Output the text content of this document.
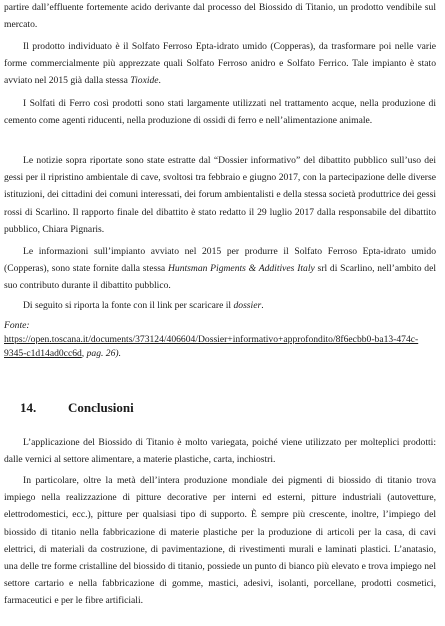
partire dall’effluente fortemente acido derivante dal processo del Biossido di Titanio, un prodotto vendibile sul mercato.

Il prodotto individuato è il Solfato Ferroso Epta-idrato umido (Copperas), da trasformare poi nelle varie forme commercialmente più apprezzate quali Solfato Ferroso anidro e Solfato Ferrico. Tale impianto è stato avviato nel 2015 già dalla stessa Tioxide.

I Solfati di Ferro così prodotti sono stati largamente utilizzati nel trattamento acque, nella produzione di cemento come agenti riducenti, nella produzione di ossidi di ferro e nell’alimentazione animale.

Le notizie sopra riportate sono state estratte dal “Dossier informativo” del dibattito pubblico sull’uso dei gessi per il ripristino ambientale di cave, svoltosi tra febbraio e giugno 2017, con la partecipazione delle diverse istituzioni, dei cittadini dei comuni interessati, dei forum ambientalisti e della stessa società produttrice dei gessi rossi di Scarlino. Il rapporto finale del dibattito è stato redatto il 29 luglio 2017 dalla responsabile del dibattito pubblico, Chiara Pignaris.

Le informazioni sull’impianto avviato nel 2015 per produrre il Solfato Ferroso Epta-idrato umido (Copperas), sono state fornite dalla stessa Huntsman Pigments & Additives Italy srl di Scarlino, nell’ambito del suo contributo durante il dibattito pubblico.

Di seguito si riporta la fonte con il link per scaricare il dossier.

Fonte:
https://open.toscana.it/documents/373124/406604/Dossier+informativo+approfondito/8f6ecbb0-ba13-474c-9345-c1d14ad0cc6d, pag. 26).

14. Conclusioni

L’applicazione del Biossido di Titanio è molto variegata, poiché viene utilizzato per molteplici prodotti: dalle vernici al settore alimentare, a materie plastiche, carta, inchiostri.

In particolare, oltre la metà dell’intera produzione mondiale dei pigmenti di biossido di titanio trova impiego nella realizzazione di pitture decorative per interni ed esterni, pitture industriali (autovetture, elettrodomestici, ecc.), pitture per qualsiasi tipo di supporto. È sempre più crescente, inoltre, l’impiego del biossido di titanio nella fabbricazione di materie plastiche per la produzione di articoli per la casa, di cavi elettrici, di materiali da costruzione, di pavimentazione, di rivestimenti murali e laminati plastici. L’anatasio, una delle tre forme cristalline del biossido di titanio, possiede un punto di bianco più elevato e trova impiego nel settore cartario e nella fabbricazione di gomme, mastici, adesivi, isolanti, porcellane, prodotti cosmetici, farmaceutici e per le fibre artificiali.
